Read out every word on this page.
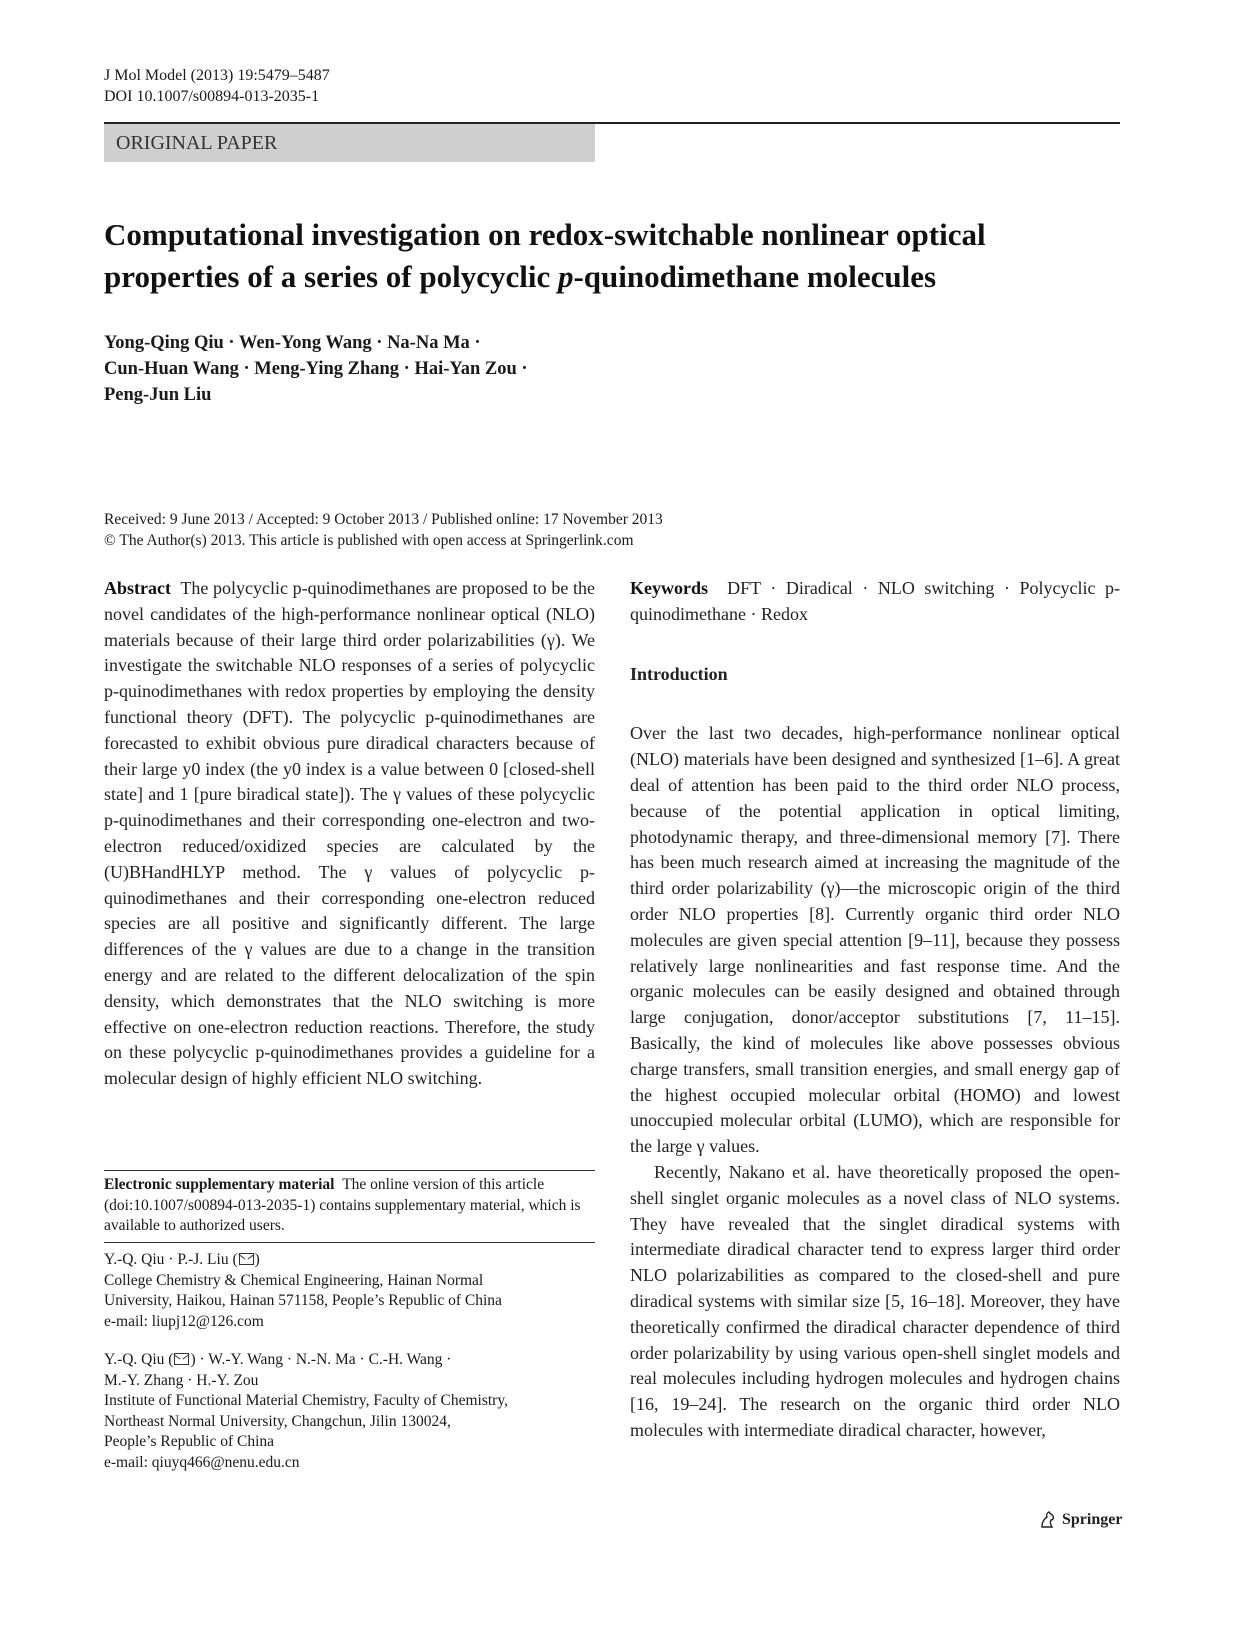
J Mol Model (2013) 19:5479–5487
DOI 10.1007/s00894-013-2035-1
ORIGINAL PAPER
Computational investigation on redox-switchable nonlinear optical
properties of a series of polycyclic p-quinodimethane molecules
Yong-Qing Qiu · Wen-Yong Wang · Na-Na Ma ·
Cun-Huan Wang · Meng-Ying Zhang · Hai-Yan Zou ·
Peng-Jun Liu
Received: 9 June 2013 / Accepted: 9 October 2013 / Published online: 17 November 2013
© The Author(s) 2013. This article is published with open access at Springerlink.com

Abstract The polycyclic p-quinodimethanes are proposed to be the novel candidates of the high-performance nonlinear optical (NLO) materials because of their large third order polarizabilities (γ). We investigate the switchable NLO responses of a series of polycyclic p-quinodimethanes with redox properties by employing the density functional theory (DFT). The polycyclic p-quinodimethanes are forecasted to exhibit obvious pure diradical characters because of their large y0 index (the y0 index is a value between 0 [closed-shell state] and 1 [pure biradical state]). The γ values of these polycyclic p-quinodimethanes and their corresponding one-electron and two-electron reduced/oxidized species are calculated by the (U)BHandHLYP method. The γ values of polycyclic p-quinodimethanes and their corresponding one-electron reduced species are all positive and significantly different. The large differences of the γ values are due to a change in the transition energy and are related to the different delocalization of the spin density, which demonstrates that the NLO switching is more effective on one-electron reduction reactions. Therefore, the study on these polycyclic p-quinodimethanes provides a guideline for a molecular design of highly efficient NLO switching.

Electronic supplementary material The online version of this article (doi:10.1007/s00894-013-2035-1) contains supplementary material, which is available to authorized users.

Y.-Q. Qiu · P.-J. Liu ( )

College Chemistry & Chemical Engineering, Hainan Normal

University, Haikou, Hainan 571158, People’s Republic of China

e-mail: liupj12@126.com

Y.-Q. Qiu ( ) · W.-Y. Wang · N.-N. Ma · C.-H. Wang ·

M.-Y. Zhang · H.-Y. Zou

Institute of Functional Material Chemistry, Faculty of Chemistry,

Northeast Normal University, Changchun, Jilin 130024,

People’s Republic of China

e-mail: qiuyq466@nenu.edu.cn

Keywords DFT · Diradical · NLO switching · Polycyclic p-quinodimethane · Redox

Introduction

Over the last two decades, high-performance nonlinear optical (NLO) materials have been designed and synthesized [1–6]. A great deal of attention has been paid to the third order NLO process, because of the potential application in optical limiting, photodynamic therapy, and three-dimensional memory [7]. There has been much research aimed at increasing the magnitude of the third order polarizability (γ)—the microscopic origin of the third order NLO properties [8]. Currently organic third order NLO molecules are given special attention [9–11], because they possess relatively large nonlinearities and fast response time. And the organic molecules can be easily designed and obtained through large conjugation, donor/acceptor substitutions [7, 11–15]. Basically, the kind of molecules like above possesses obvious charge transfers, small transition energies, and small energy gap of the highest occupied molecular orbital (HOMO) and lowest unoccupied molecular orbital (LUMO), which are responsible for the large γ values.

Recently, Nakano et al. have theoretically proposed the open-shell singlet organic molecules as a novel class of NLO systems. They have revealed that the singlet diradical systems with intermediate diradical character tend to express larger third order NLO polarizabilities as compared to the closed-shell and pure diradical systems with similar size [5, 16–18]. Moreover, they have theoretically confirmed the diradical character dependence of third order polarizability by using various open-shell singlet models and real molecules including hydrogen molecules and hydrogen chains [16, 19–24]. The research on the organic third order NLO molecules with intermediate diradical character, however,

Springer
